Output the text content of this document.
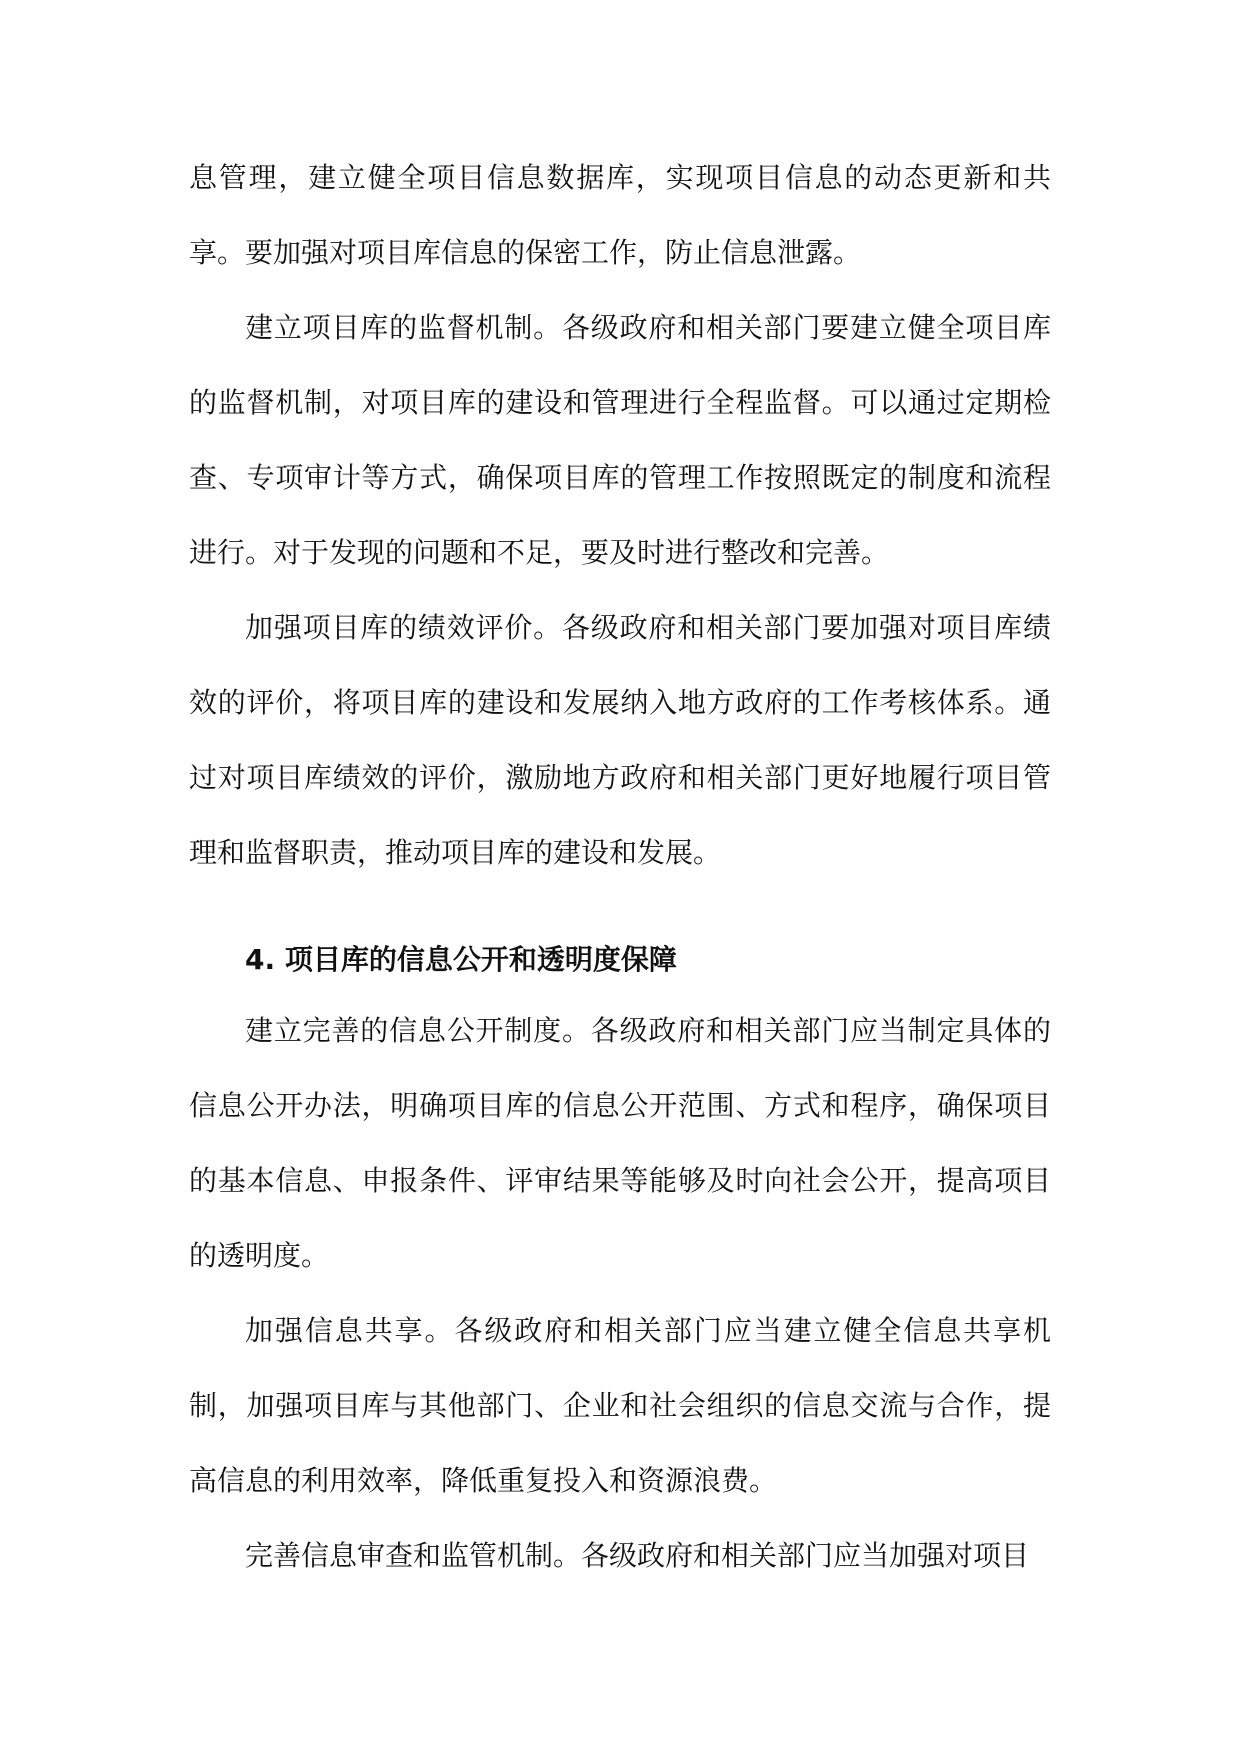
息管理，建立健全项目信息数据库，实现项目信息的动态更新和共享。要加强对项目库信息的保密工作，防止信息泄露。

建立项目库的监督机制。各级政府和相关部门要建立健全项目库的监督机制，对项目库的建设和管理进行全程监督。可以通过定期检查、专项审计等方式，确保项目库的管理工作按照既定的制度和流程进行。对于发现的问题和不足，要及时进行整改和完善。

加强项目库的绩效评价。各级政府和相关部门要加强对项目库绩效的评价，将项目库的建设和发展纳入地方政府的工作考核体系。通过对项目库绩效的评价，激励地方政府和相关部门更好地履行项目管理和监督职责，推动项目库的建设和发展。

4. 项目库的信息公开和透明度保障

建立完善的信息公开制度。各级政府和相关部门应当制定具体的信息公开办法，明确项目库的信息公开范围、方式和程序，确保项目的基本信息、申报条件、评审结果等能够及时向社会公开，提高项目的透明度。

加强信息共享。各级政府和相关部门应当建立健全信息共享机制，加强项目库与其他部门、企业和社会组织的信息交流与合作，提高信息的利用效率，降低重复投入和资源浪费。

完善信息审查和监管机制。各级政府和相关部门应当加强对项目
